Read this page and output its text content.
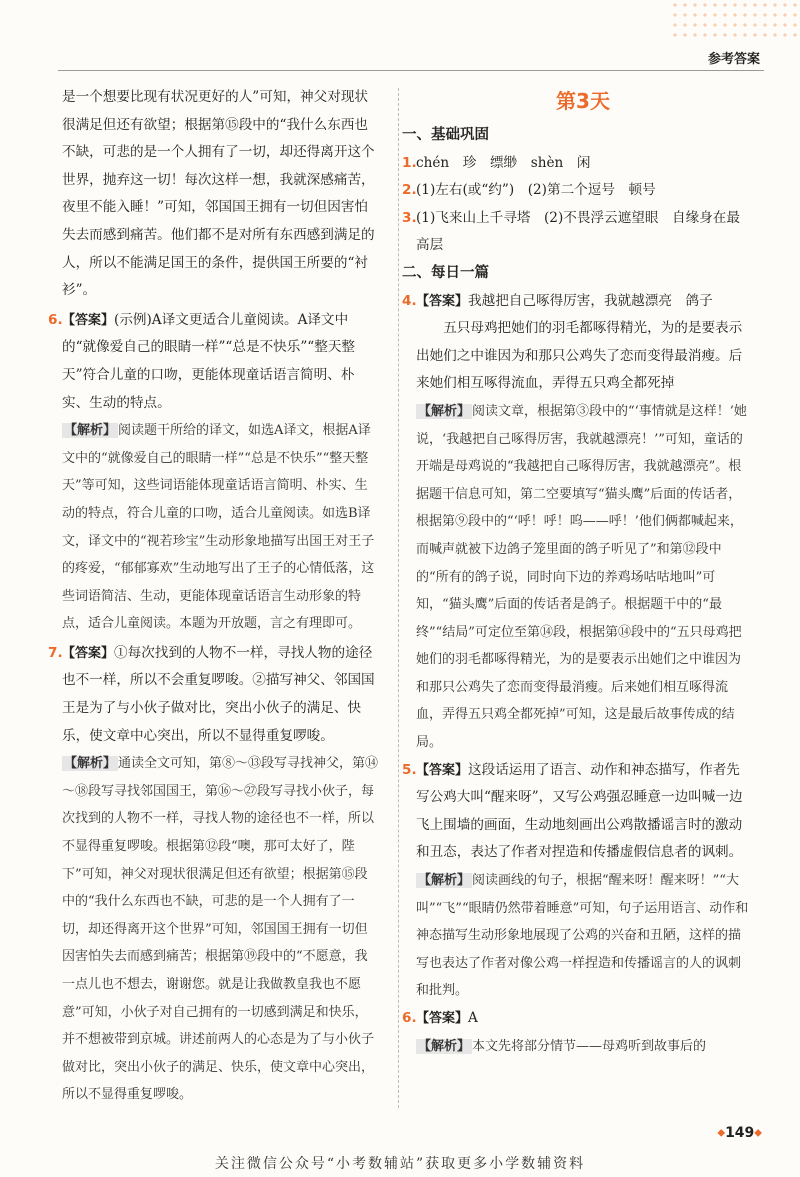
参考答案

是一个想要比现有状况更好的人”可知，神父对现状很满足但还有欲望；根据第⑮段中的“我什么东西也不缺，可悲的是一个人拥有了一切，却还得离开这个世界，抛弃这一切！每次这样一想，我就深感痛苦，夜里不能入睡！”可知，邻国国王拥有一切但因害怕失去而感到痛苦。他们都不是对所有东西感到满足的人，所以不能满足国王的条件，提供国王所要的“衬衫”。

6.【答案】(示例)A译文更适合儿童阅读。A译文中的“就像爱自己的眼睛一样”“总是不快乐”“整天整天”符合儿童的口吻，更能体现童话语言简明、朴实、生动的特点。

【解析】 阅读题干所给的译文，如选A译文，根据A译文中的“就像爱自己的眼睛一样”“总是不快乐”“整天整天”等可知，这些词语能体现童话语言简明、朴实、生动的特点，符合儿童的口吻，适合儿童阅读。如选B译文，译文中的“视若珍宝”生动形象地描写出国王对王子的疼爱，“郁郁寡欢”生动地写出了王子的心情低落，这些词语简洁、生动，更能体现童话语言生动形象的特点，适合儿童阅读。本题为开放题，言之有理即可。

7.【答案】①每次找到的人物不一样，寻找人物的途径也不一样，所以不会重复啰唆。②描写神父、邻国国王是为了与小伙子做对比，突出小伙子的满足、快乐，使文章中心突出，所以不显得重复啰唆。

【解析】 通读全文可知，第⑧～⑬段写寻找神父，第⑭～⑱段写寻找邻国国王，第⑯～㉗段写寻找小伙子，每次找到的人物不一样，寻找人物的途径也不一样，所以不显得重复啰唆。根据第⑫段“噢，那可太好了，陛下”可知，神父对现状很满足但还有欲望；根据第⑮段中的“我什么东西也不缺，可悲的是一个人拥有了一切，却还得离开这个世界”可知，邻国国王拥有一切但因害怕失去而感到痛苦；根据第⑲段中的“不愿意，我一点儿也不想去，谢谢您。就是让我做教皇我也不愿意”可知，小伙子对自己拥有的一切感到满足和快乐，并不想被带到京城。讲述前两人的心态是为了与小伙子做对比，突出小伙子的满足、快乐，使文章中心突出，所以不显得重复啰唆。

第3天

一、基础巩固

1.chén　珍　缥缈　shèn　闲

2.(1)左右(或“约”)　(2)第二个逗号　顿号

3.(1)飞来山上千寻塔　(2)不畏浮云遮望眼　自缘身在最高层

二、每日一篇

4.【答案】我越把自己啄得厉害，我就越漂亮　鸽子

五只母鸡把她们的羽毛都啄得精光，为的是要表示出她们之中谁因为和那只公鸡失了恋而变得最消瘦。后来她们相互啄得流血，弄得五只鸡全都死掉

【解析】 阅读文章，根据第③段中的“‘事情就是这样！’她说，‘我越把自己啄得厉害，我就越漂亮！’”可知，童话的开端是母鸡说的“我越把自己啄得厉害，我就越漂亮”。根据题干信息可知，第二空要填写“猫头鹰”后面的传话者，根据第⑨段中的“‘呼！呼！呜——呼！’他们俩都喊起来，而喊声就被下边鸽子笼里面的鸽子听见了”和第⑫段中的“所有的鸽子说，同时向下边的养鸡场咕咕地叫”可知，“猫头鹰”后面的传话者是鸽子。根据题干中的“最终”“结局”可定位至第⑭段，根据第⑭段中的“五只母鸡把她们的羽毛都啄得精光，为的是要表示出她们之中谁因为和那只公鸡失了恋而变得最消瘦。后来她们相互啄得流血，弄得五只鸡全都死掉”可知，这是最后故事传成的结局。

5.【答案】这段话运用了语言、动作和神态描写，作者先写公鸡大叫“醒来呀”，又写公鸡强忍睡意一边叫喊一边飞上围墙的画面，生动地刻画出公鸡散播谣言时的激动和丑态，表达了作者对捏造和传播虚假信息者的讽刺。

【解析】 阅读画线的句子，根据“醒来呀！醒来呀！”“大叫”“飞”“眼睛仍然带着睡意”可知，句子运用语言、动作和神态描写生动形象地展现了公鸡的兴奋和丑陋，这样的描写也表达了作者对像公鸡一样捏造和传播谣言的人的讽刺和批判。

6.【答案】A

【解析】 本文先将部分情节——母鸡听到故事后的

◆149◆
关注微信公众号“小考数辅站”获取更多小学数辅资料
